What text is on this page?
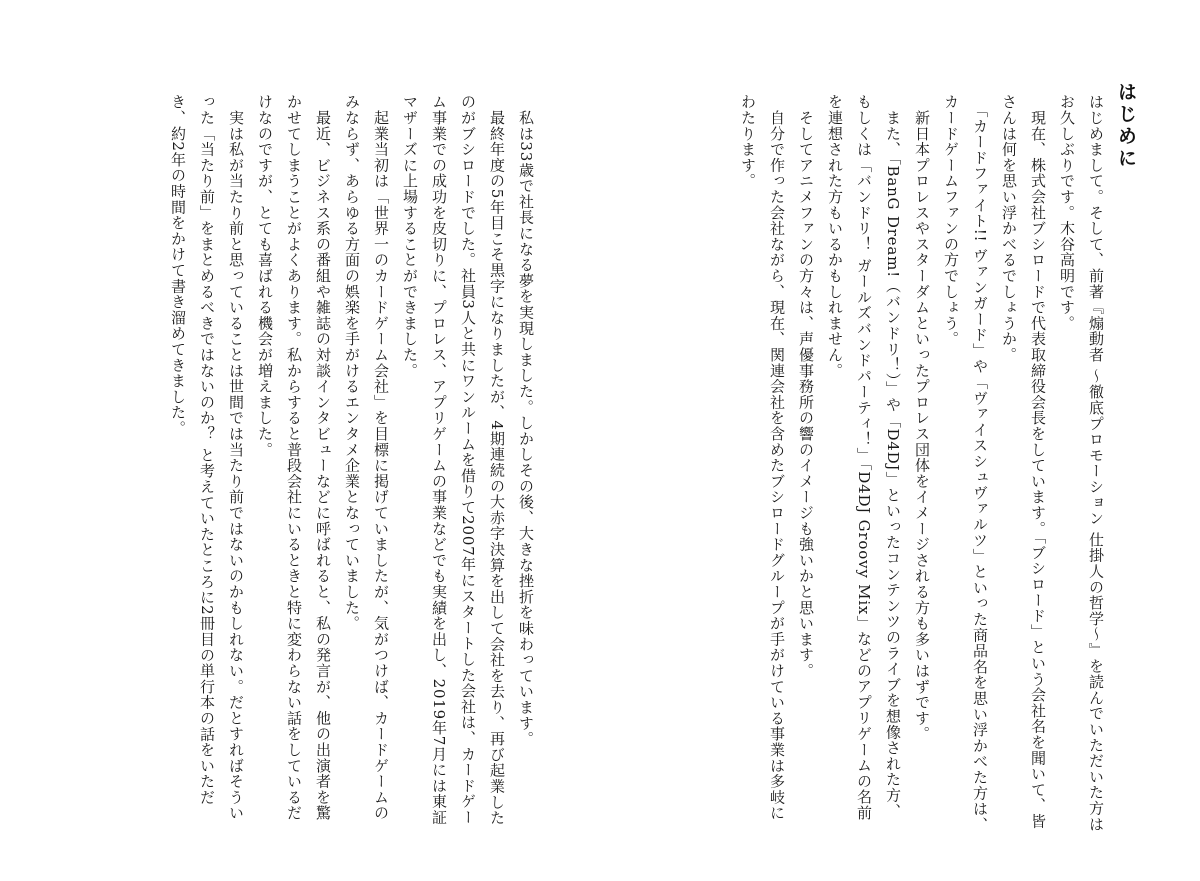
はじめに

はじめまして。そして、前著『煽動者 ～徹底プロモーション 仕掛人の哲学～』を読んでいただいた方はお久しぶりです。木谷高明です。
　現在、株式会社ブシロードで代表取締役会長をしています。「ブシロード」という会社名を聞いて、皆さんは何を思い浮かべるでしょうか。
　「カードファイト!! ヴァンガード」や「ヴァイスシュヴァルツ」といった商品名を思い浮かべた方は、カードゲームファンの方でしょう。
　新日本プロレスやスターダムといったプロレス団体をイメージされる方も多いはずです。
　また、「BanG Dream!（バンドリ！）」や「D4DJ」といったコンテンツのライブを想像された方、もしくは「バンドリ！ ガールズバンドパーティ！」「D4DJ Groovy Mix」などのアプリゲームの名前を連想された方もいるかもしれません。
　そしてアニメファンの方々は、声優事務所の響のイメージも強いかと思います。
　自分で作った会社ながら、現在、関連会社を含めたブシロードグループが手がけている事業は多岐にわたります。

　私は33歳で社長になる夢を実現しました。しかしその後、大きな挫折を味わっています。
　最終年度の5年目こそ黒字になりましたが、4期連続の大赤字決算を出して会社を去り、再び起業したのがブシロードでした。社員3人と共にワンルームを借りて2007年にスタートした会社は、カードゲーム事業での成功を皮切りに、プロレス、アプリゲームの事業などでも実績を出し、2019年7月には東証マザーズに上場することができました。
　起業当初は「世界一のカードゲーム会社」を目標に掲げていましたが、気がつけば、カードゲームのみならず、あらゆる方面の娯楽を手がけるエンタメ企業となっていました。
　最近、ビジネス系の番組や雑誌の対談インタビューなどに呼ばれると、私の発言が、他の出演者を驚かせてしまうことがよくあります。私からすると普段会社にいるときと特に変わらない話をしているだけなのですが、とても喜ばれる機会が増えました。
　実は私が当たり前と思っていることは世間では当たり前ではないのかもしれない。だとすればそういった「当たり前」をまとめるべきではないのか？ と考えていたところに2冊目の単行本の話をいただき、約2年の時間をかけて書き溜めてきました。
